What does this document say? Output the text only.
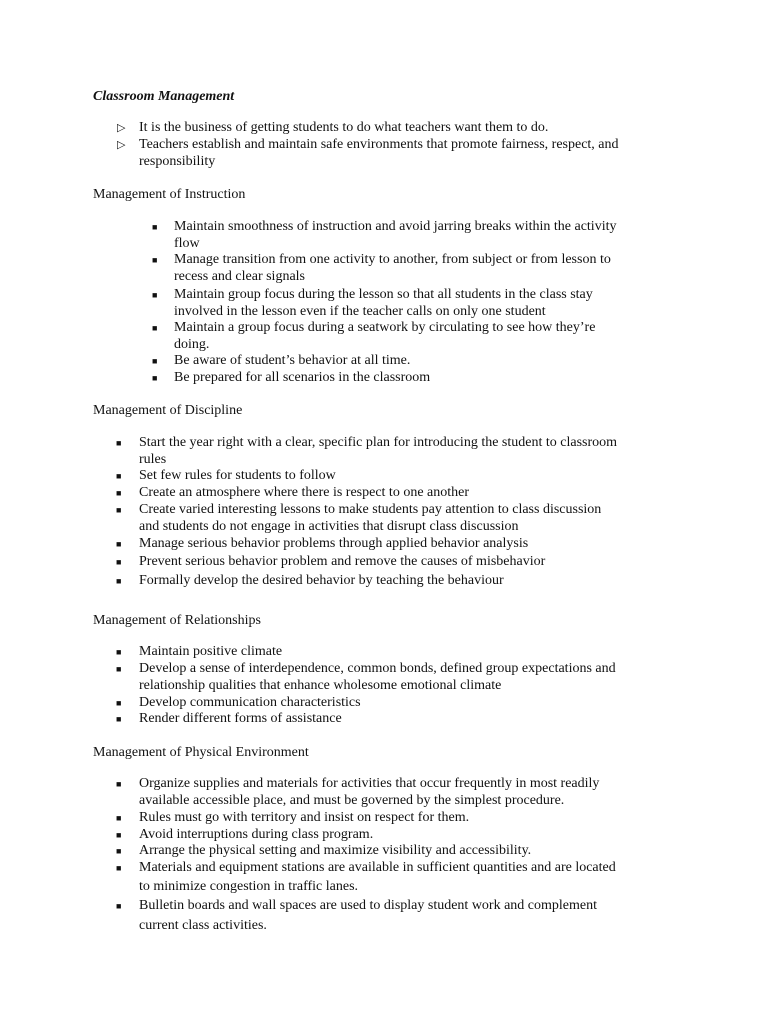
Classroom Management
▷ It is the business of getting students to do what teachers want them to do.
▷ Teachers establish and maintain safe environments that promote fairness, respect, and
responsibility
Management of Instruction
■ Maintain smoothness of instruction and avoid jarring breaks within the activity
flow
■ Manage transition from one activity to another, from subject or from lesson to
recess and clear signals
■ Maintain group focus during the lesson so that all students in the class stay
involved in the lesson even if the teacher calls on only one student
■ Maintain a group focus during a seatwork by circulating to see how they’re
doing.
■ Be aware of student’s behavior at all time.
■ Be prepared for all scenarios in the classroom
Management of Discipline
■ Start the year right with a clear, specific plan for introducing the student to classroom
rules
■ Set few rules for students to follow
■ Create an atmosphere where there is respect to one another
■ Create varied interesting lessons to make students pay attention to class discussion
and students do not engage in activities that disrupt class discussion
■ Manage serious behavior problems through applied behavior analysis
■ Prevent serious behavior problem and remove the causes of misbehavior
■ Formally develop the desired behavior by teaching the behaviour
Management of Relationships
■ Maintain positive climate
■ Develop a sense of interdependence, common bonds, defined group expectations and
relationship qualities that enhance wholesome emotional climate
■ Develop communication characteristics
■ Render different forms of assistance
Management of Physical Environment
■ Organize supplies and materials for activities that occur frequently in most readily
available accessible place, and must be governed by the simplest procedure.
■ Rules must go with territory and insist on respect for them.
■ Avoid interruptions during class program.
■ Arrange the physical setting and maximize visibility and accessibility.
■ Materials and equipment stations are available in sufficient quantities and are located
to minimize congestion in traffic lanes.
■ Bulletin boards and wall spaces are used to display student work and complement
current class activities.
